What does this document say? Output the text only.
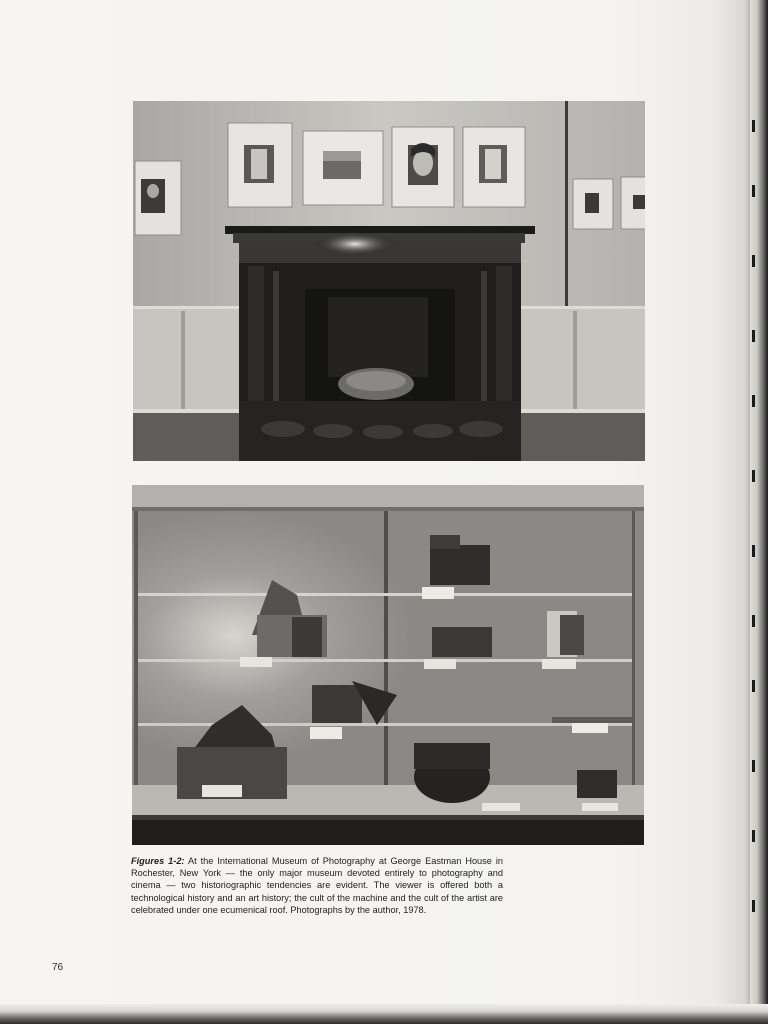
Figures 1-2: At the International Museum of Photography at George Eastman House in Rochester, New York — the only major museum devoted entirely to photography and cinema — two historiographic tendencies are evident. The viewer is offered both a technological history and an art history; the cult of the machine and the cult of the artist are celebrated under one ecumenical roof. Photographs by the author, 1978.
76
